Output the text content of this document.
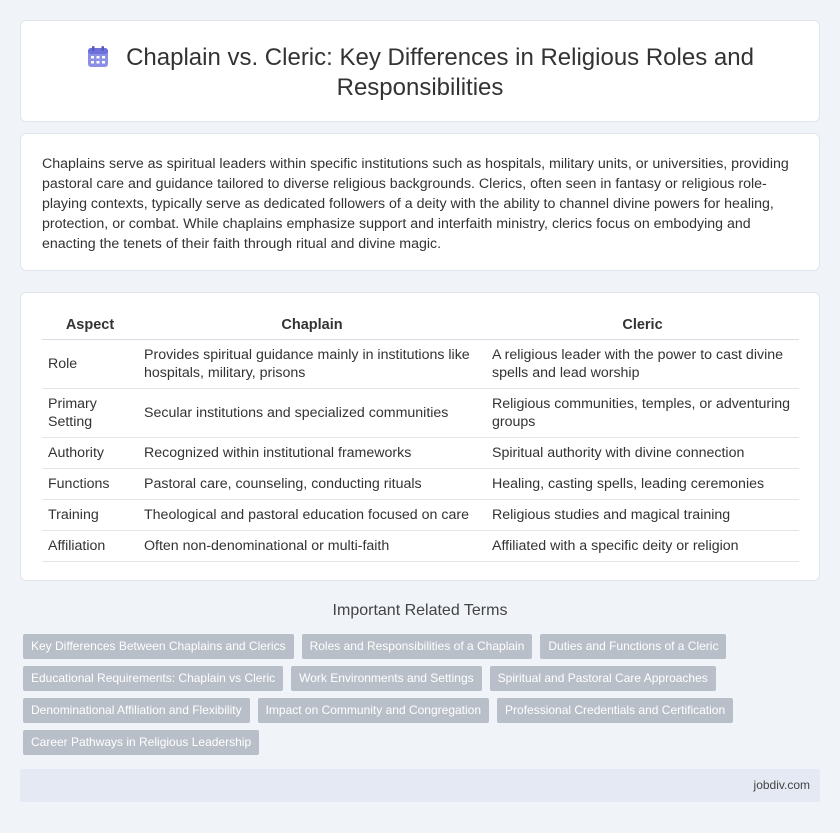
Chaplain vs. Cleric: Key Differences in Religious Roles and Responsibilities

Chaplains serve as spiritual leaders within specific institutions such as hospitals, military units, or universities, providing pastoral care and guidance tailored to diverse religious backgrounds. Clerics, often seen in fantasy or religious role-playing contexts, typically serve as dedicated followers of a deity with the ability to channel divine powers for healing, protection, or combat. While chaplains emphasize support and interfaith ministry, clerics focus on embodying and enacting the tenets of their faith through ritual and divine magic.

Aspect	Chaplain	Cleric
Role	Provides spiritual guidance mainly in institutions like hospitals, military, prisons	A religious leader with the power to cast divine spells and lead worship
Primary Setting	Secular institutions and specialized communities	Religious communities, temples, or adventuring groups
Authority	Recognized within institutional frameworks	Spiritual authority with divine connection
Functions	Pastoral care, counseling, conducting rituals	Healing, casting spells, leading ceremonies
Training	Theological and pastoral education focused on care	Religious studies and magical training
Affiliation	Often non-denominational or multi-faith	Affiliated with a specific deity or religion
Important Related Terms
Key Differences Between Chaplains and Clerics Roles and Responsibilities of a Chaplain Duties and Functions of a Cleric
Educational Requirements: Chaplain vs Cleric Work Environments and Settings Spiritual and Pastoral Care Approaches
Denominational Affiliation and Flexibility Impact on Community and Congregation Professional Credentials and Certification
Career Pathways in Religious Leadership
jobdiv.com
